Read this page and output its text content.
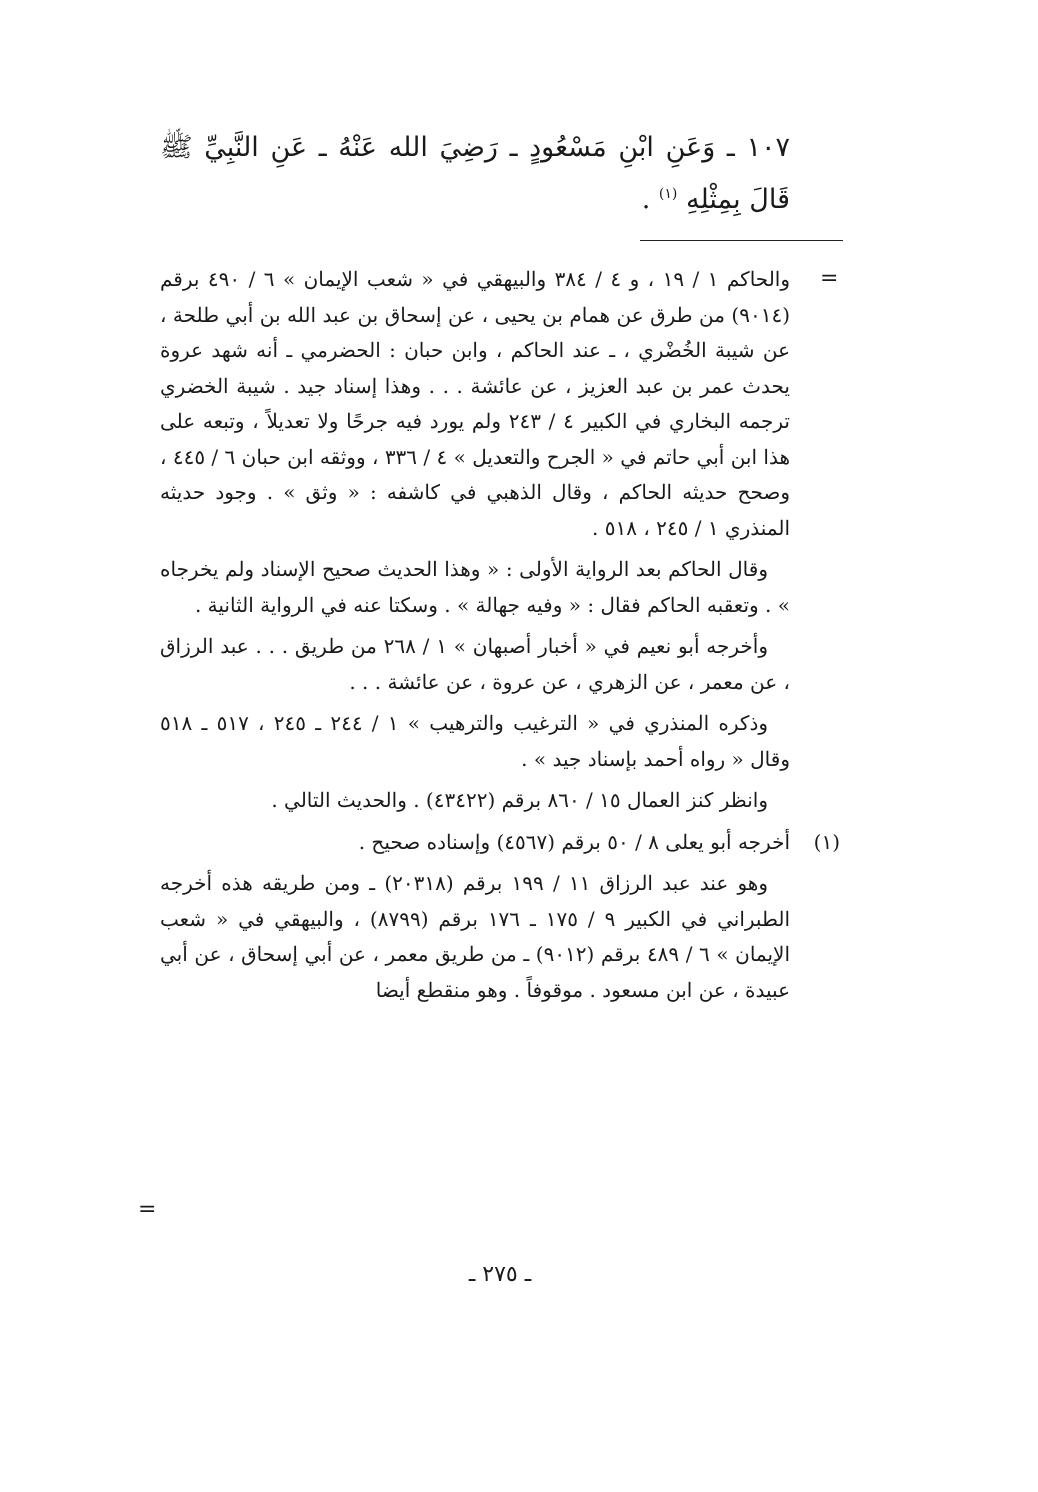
١٠٧ ـ وَعَنِ ابْنِ مَسْعُودٍ ـ رَضِيَ الله عَنْهُ ـ عَنِ النَّبِيِّ ﷺ قَالَ بِمِثْلِهِ $^{(١)}$ .
=

والحاكم ١ / ١٩ ، و ٤ / ٣٨٤ والبيهقي في « شعب الإيمان » ٦ / ٤٩٠ برقم (٩٠١٤) من طرق عن همام بن يحيى ، عن إسحاق بن عبد الله بن أبي طلحة ، عن شيبة الخُضْري ، ـ عند الحاكم ، وابن حبان : الحضرمي ـ أنه شهد عروة يحدث عمر بن عبد العزيز ، عن عائشة . . . وهذا إسناد جيد . شيبة الخضري ترجمه البخاري في الكبير ٤ / ٢٤٣ ولم يورد فيه جرحًا ولا تعديلاً ، وتبعه على هذا ابن أبي حاتم في « الجرح والتعديل » ٤ / ٣٣٦ ، ووثقه ابن حبان ٦ / ٤٤٥ ، وصحح حديثه الحاكم ، وقال الذهبي في كاشفه : « وثق » . وجود حديثه المنذري ١ / ٢٤٥ ، ٥١٨ .

وقال الحاكم بعد الرواية الأولى : « وهذا الحديث صحيح الإسناد ولم يخرجاه » . وتعقبه الحاكم فقال : « وفيه جهالة » . وسكتا عنه في الرواية الثانية .

وأخرجه أبو نعيم في « أخبار أصبهان » ١ / ٢٦٨ من طريق . . . عبد الرزاق ، عن معمر ، عن الزهري ، عن عروة ، عن عائشة . . .

وذكره المنذري في « الترغيب والترهيب » ١ / ٢٤٤ ـ ٢٤٥ ، ٥١٧ ـ ٥١٨ وقال « رواه أحمد بإسناد جيد » .

وانظر كنز العمال ١٥ / ٨٦٠ برقم (٤٣٤٢٢) . والحديث التالي .

(١)

أخرجه أبو يعلى ٨ / ٥٠ برقم (٤٥٦٧) وإسناده صحيح .

وهو عند عبد الرزاق ١١ / ١٩٩ برقم (٢٠٣١٨) ـ ومن طريقه هذه أخرجه الطبراني في الكبير ٩ / ١٧٥ ـ ١٧٦ برقم (٨٧٩٩) ، والبيهقي في « شعب الإيمان » ٦ / ٤٨٩ برقم (٩٠١٢) ـ من طريق معمر ، عن أبي إسحاق ، عن أبي عبيدة ، عن ابن مسعود . موقوفاً . وهو منقطع أيضا

=
ـ ٢٧٥ ـ
